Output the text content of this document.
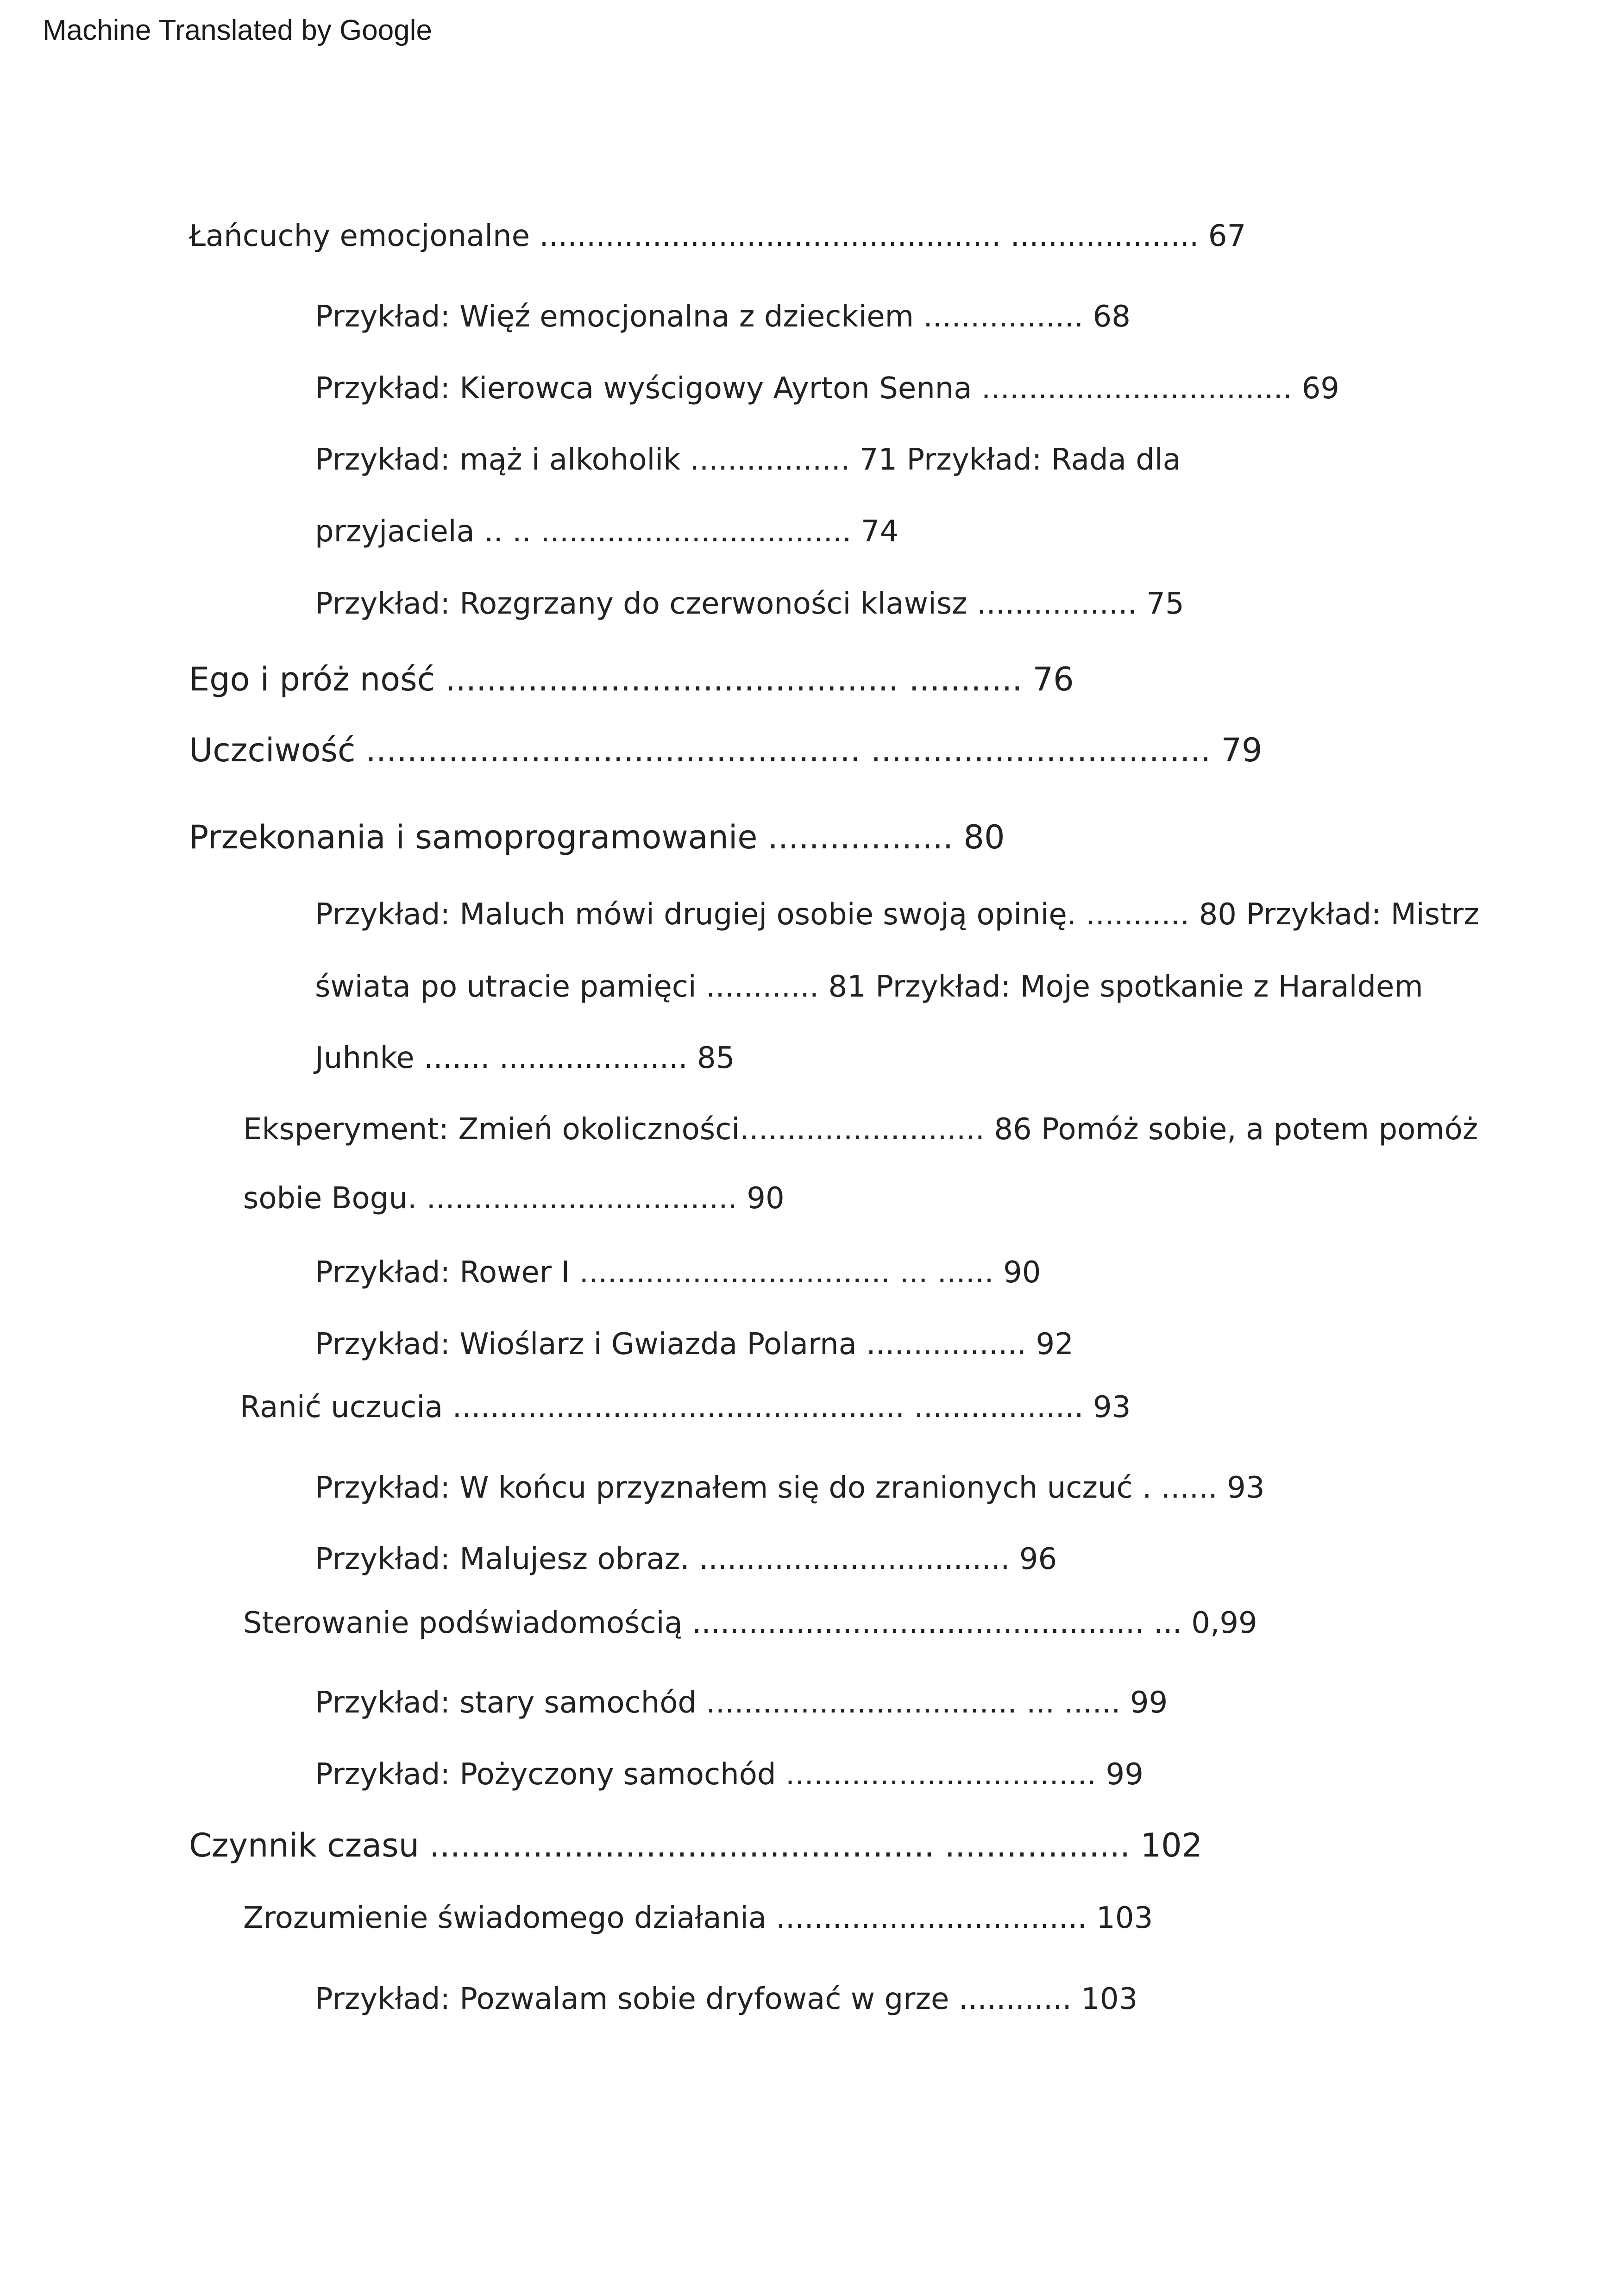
Machine Translated by Google
Łańcuchy emocjonalne ................................................. .................... 67
Przykład: Więź emocjonalna z dzieckiem ................. 68
Przykład: Kierowca wyścigowy Ayrton Senna ................................. 69
Przykład: mąż i alkoholik ................. 71 Przykład: Rada dla
przyjaciela .. .. ................................. 74
Przykład: Rozgrzany do czerwoności klawisz ................. 75
Ego i próż ność ............................................ ........... 76
Uczciwość ................................................ ................................. 79
Przekonania i samoprogramowanie .................. 80
Przykład: Maluch mówi drugiej osobie swoją opinię. ........... 80 Przykład: Mistrz
świata po utracie pamięci ............ 81 Przykład: Moje spotkanie z Haraldem
Juhnke ....... .................... 85
Eksperyment: Zmień okoliczności.......................... 86 Pomóż sobie, a potem pomóż
sobie Bogu. ................................. 90
Przykład: Rower I ................................. ... ...... 90
Przykład: Wioślarz i Gwiazda Polarna ................. 92
Ranić uczucia ................................................ .................. 93
Przykład: W końcu przyznałem się do zranionych uczuć . ...... 93
Przykład: Malujesz obraz. ................................. 96
Sterowanie podświadomością ................................................ ... 0,99
Przykład: stary samochód ................................. ... ...... 99
Przykład: Pożyczony samochód ................................. 99
Czynnik czasu ................................................. .................. 102
Zrozumienie świadomego działania ................................. 103
Przykład: Pozwalam sobie dryfować w grze ............ 103
